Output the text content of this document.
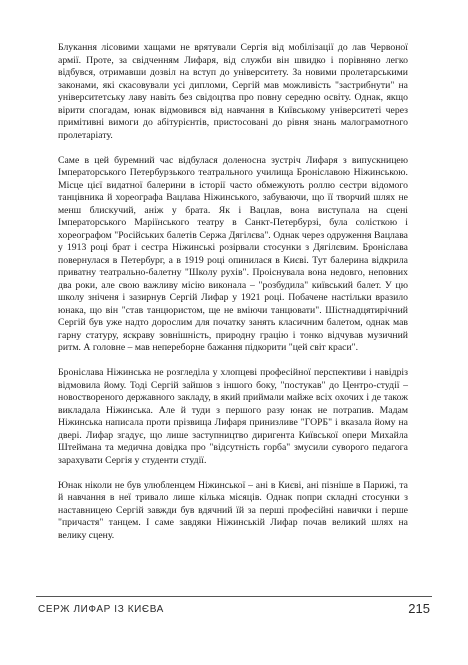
Блукання лісовими хащами не врятували Сергія від мобілізації до лав Червоної армії. Проте, за свідченням Лифаря, від служби він швидко і порівняно легко відбувся, отримавши дозвіл на вступ до університету. За новими пролетарськими законами, які скасовували усі дипломи, Сергій мав можливість "застрибнути" на університетську лаву навіть без свідоцтва про повну середню освіту. Однак, якщо вірити спогадам, юнак відмовився від навчання в Київському університеті через примітивні вимоги до абітурієнтів, пристосовані до рівня знань малограмотного пролетаріату.

Саме в цей буремний час відбулася доленосна зустріч Лифаря з випускницею Імператорського Петербурзького театрального училища Броніславою Ніжинською. Місце цієї видатної балерини в історії часто обмежують роллю сестри відомого танцівника й хореографа Вацлава Ніжинського, забуваючи, що її творчий шлях не менш блискучий, аніж у брата. Як і Вацлав, вона виступала на сцені Імператорського Маріїнського театру в Санкт-Петербурзі, була солісткою і хореографом "Російських балетів Сержа Дягілєва". Однак через одруження Вацлава у 1913 році брат і сестра Ніжинські розірвали стосунки з Дягілєвим. Броніслава повернулася в Петербург, а в 1919 році опинилася в Києві. Тут балерина відкрила приватну театрально-балетну "Школу рухів". Проіснувала вона недовго, неповних два роки, але свою важливу місію виконала – "розбудила" київський балет. У цю школу зніченя і зазирнув Сергій Лифар у 1921 році. Побачене настільки вразило юнака, що він "став танцюристом, ще не вміючи танцювати". Шістнадцятирічний Сергій був уже надто дорослим для початку занять класичним балетом, однак мав гарну статуру, яскраву зовнішність, природну грацію і тонко відчував музичний ритм. А головне – мав непереборне бажання підкорити "цей світ краси".

Броніслава Ніжинська не розгледіла у хлопцеві професійної перспективи і навідріз відмовила йому. Тоді Сергій зайшов з іншого боку, "постукав" до Центро-студії – новоствореного державного закладу, в який приймали майже всіх охочих і де також викладала Ніжинська. Але й туди з першого разу юнак не потрапив. Мадам Ніжинська написала проти прізвища Лифаря принизливе "ГОРБ" і вказала йому на двері. Лифар згадує, що лише заступництво диригента Київської опери Михайла Штеймана та медична довідка про "відсутність горба" змусили суворого педагога зарахувати Сергія у студенти студії.

Юнак ніколи не був улюбленцем Ніжинської – ані в Києві, ані пізніше в Парижі, та й навчання в неї тривало лише кілька місяців. Однак попри складні стосунки з наставницею Сергій завжди був вдячний їй за перші професійні навички і перше "причастя" танцем. І саме завдяки Ніжинській Лифар почав великий шлях на велику сцену.

СЕРЖ ЛИФАР ІЗ КИЄВА	215
